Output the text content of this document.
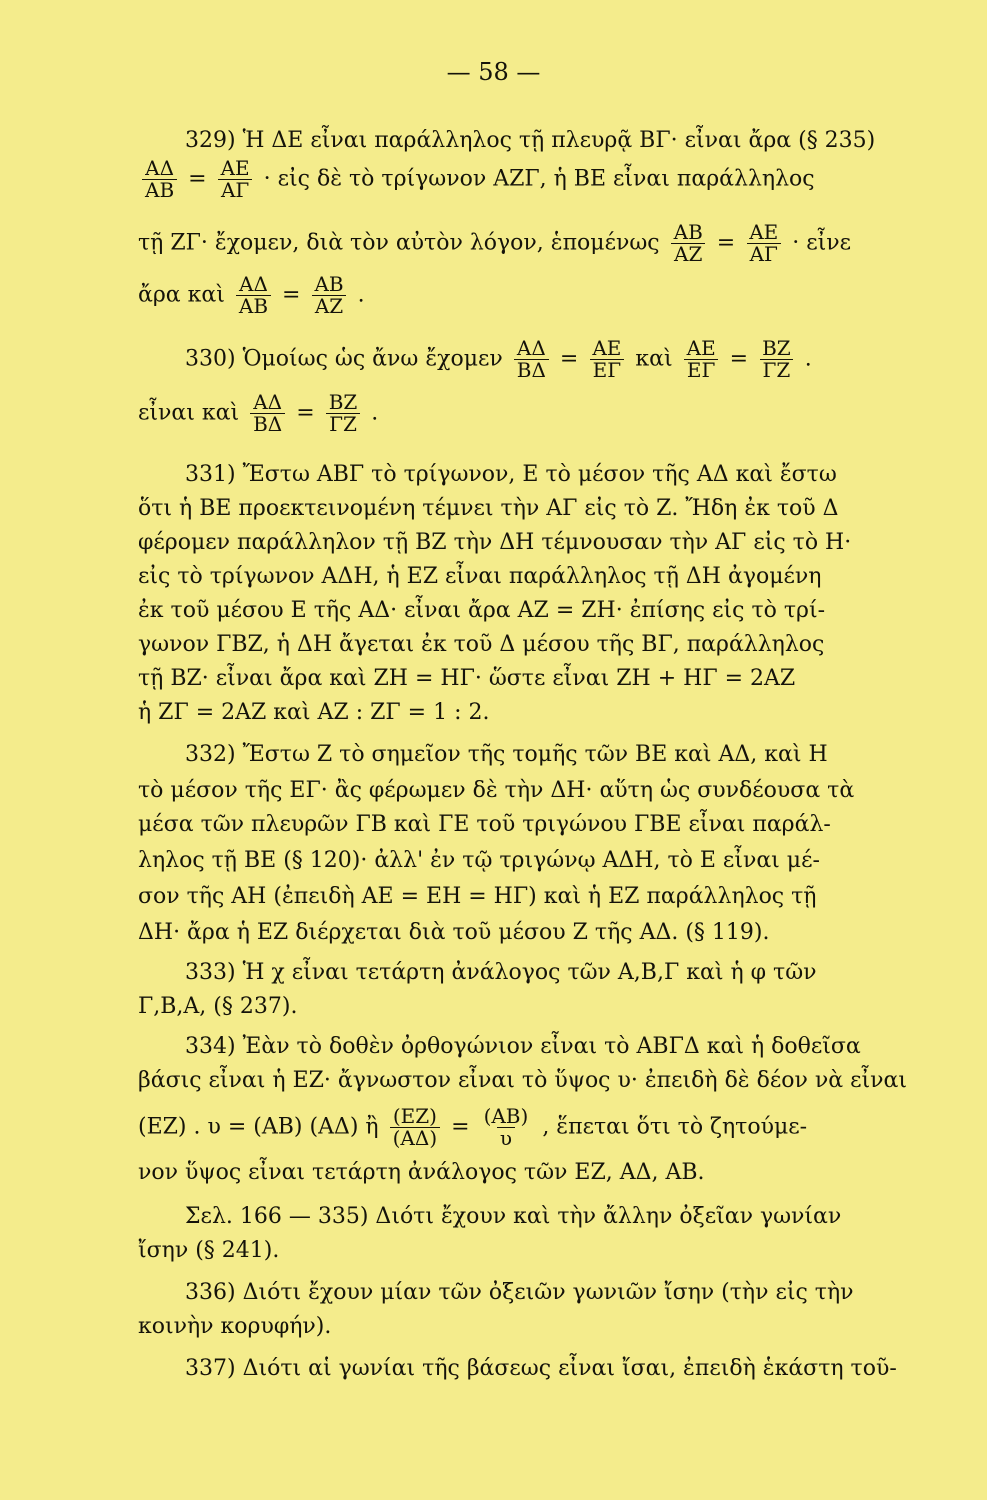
— 58 —
329) Ἡ ΔΕ εἶναι παράλληλος τῇ πλευρᾷ ΒΓ· εἶναι ἄρα (§ 235)
$\frac{A\Delta}{AB} = \frac{AE}{A\Gamma}$ · εἰς δὲ τὸ τρίγωνον ΑΖΓ, ἡ ΒΕ εἶναι παράλληλος
τῇ ΖΓ· ἔχομεν, διὰ τὸν αὐτὸν λόγον, ἑπομένως $\frac{AB}{AZ} = \frac{AE}{A\Gamma}$ · εἶνε
ἄρα καὶ $\frac{A\Delta}{AB} = \frac{AB}{AZ}$ .
330) Ὁμοίως ὡς ἄνω ἔχομεν $\frac{A\Delta}{B\Delta} = \frac{AE}{E\Gamma}$ καὶ $\frac{AE}{E\Gamma} = \frac{BZ}{\Gamma Z}$ .
εἶναι καὶ $\frac{A\Delta}{B\Delta} = \frac{BZ}{\Gamma Z}$ .
331) Ἔστω ΑΒΓ τὸ τρίγωνον, Ε τὸ μέσον τῆς ΑΔ καὶ ἔστω
ὅτι ἡ ΒΕ προεκτεινομένη τέμνει τὴν ΑΓ εἰς τὸ Ζ. Ἤδη ἐκ τοῦ Δ
φέρομεν παράλληλον τῇ ΒΖ τὴν ΔΗ τέμνουσαν τὴν ΑΓ εἰς τὸ Η·
εἰς τὸ τρίγωνον ΑΔΗ, ἡ ΕΖ εἶναι παράλληλος τῇ ΔΗ ἀγομένη
ἐκ τοῦ μέσου Ε τῆς ΑΔ· εἶναι ἄρα ΑΖ = ΖΗ· ἐπίσης εἰς τὸ τρί-
γωνον ΓΒΖ, ἡ ΔΗ ἄγεται ἐκ τοῦ Δ μέσου τῆς ΒΓ, παράλληλος
τῇ ΒΖ· εἶναι ἄρα καὶ ΖΗ = ΗΓ· ὥστε εἶναι ΖΗ + ΗΓ = 2ΑΖ
ἡ ΖΓ = 2ΑΖ καὶ ΑΖ : ΖΓ = 1 : 2.
332) Ἔστω Ζ τὸ σημεῖον τῆς τομῆς τῶν ΒΕ καὶ ΑΔ, καὶ Η
τὸ μέσον τῆς ΕΓ· ἂς φέρωμεν δὲ τὴν ΔΗ· αὕτη ὡς συνδέουσα τὰ
μέσα τῶν πλευρῶν ΓΒ καὶ ΓΕ τοῦ τριγώνου ΓΒΕ εἶναι παράλ-
ληλος τῇ ΒΕ (§ 120)· ἀλλ' ἐν τῷ τριγώνῳ ΑΔΗ, τὸ Ε εἶναι μέ-
σον τῆς ΑΗ (ἐπειδὴ ΑΕ = ΕΗ = ΗΓ) καὶ ἡ ΕΖ παράλληλος τῇ
ΔΗ· ἄρα ἡ ΕΖ διέρχεται διὰ τοῦ μέσου Ζ τῆς ΑΔ. (§ 119).
333) Ἡ χ εἶναι τετάρτη ἀνάλογος τῶν Α,Β,Γ καὶ ἡ φ τῶν
Γ,Β,Α, (§ 237).
334) Ἐὰν τὸ δοθὲν ὀρθογώνιον εἶναι τὸ ΑΒΓΔ καὶ ἡ δοθεῖσα
βάσις εἶναι ἡ ΕΖ· ἄγνωστον εἶναι τὸ ὕψος υ· ἐπειδὴ δὲ δέον νὰ εἶναι
(ΕΖ) . υ = (ΑΒ) (ΑΔ) ἢ $\frac{(EZ)}{(A\Delta)} = \frac{(AB)}{\upsilon}$ , ἕπεται ὅτι τὸ ζητούμε-
νον ὕψος εἶναι τετάρτη ἀνάλογος τῶν ΕΖ, ΑΔ, ΑΒ.
Σελ. 166 — 335) Διότι ἔχουν καὶ τὴν ἄλλην ὀξεῖαν γωνίαν
ἴσην (§ 241).
336) Διότι ἔχουν μίαν τῶν ὀξειῶν γωνιῶν ἴσην (τὴν εἰς τὴν
κοινὴν κορυφήν).
337) Διότι αἱ γωνίαι τῆς βάσεως εἶναι ἴσαι, ἐπειδὴ ἑκάστη τοῦ-
